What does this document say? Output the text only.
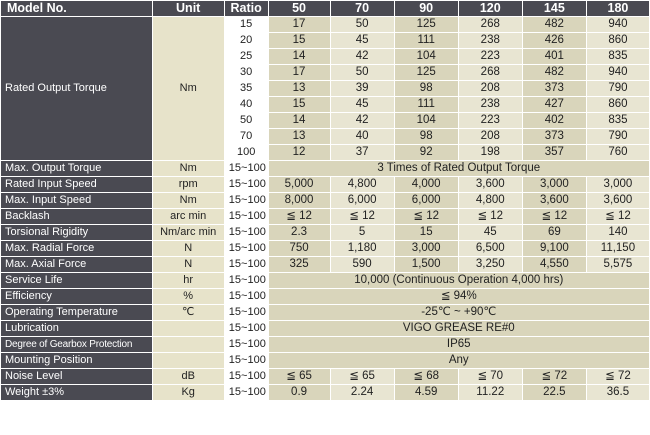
Model No.	Unit	Ratio	50	70	90	120	145	180
Rated Output Torque	Nm	15	17	50	125	268	482	940
		20	15	45	111	238	426	860
		25	14	42	104	223	401	835
		30	17	50	125	268	482	940
		35	13	39	98	208	373	790
		40	15	45	111	238	427	860
		50	14	42	104	223	402	835
		70	13	40	98	208	373	790
		100	12	37	92	198	357	760
Max. Output Torque	Nm	15~100	3 Times of Rated Output Torque					
Rated Input Speed	rpm	15~100	5,000	4,800	4,000	3,600	3,000	3,000
Max. Input Speed	Nm	15~100	8,000	6,000	6,000	4,800	3,600	3,600
Backlash	arc min	15~100	≦ 12	≦ 12	≦ 12	≦ 12	≦ 12	≦ 12
Torsional Rigidity	Nm/arc min	15~100	2.3	5	15	45	69	140
Max. Radial Force	N	15~100	750	1,180	3,000	6,500	9,100	11,150
Max. Axial Force	N	15~100	325	590	1,500	3,250	4,550	5,575
Service Life	hr	15~100	10,000 (Continuous Operation 4,000 hrs)					
Efficiency	%	15~100	≦ 94%					
Operating Temperature	℃	15~100	-25℃ ~ +90℃					
Lubrication		15~100	VIGO GREASE RE#0					
Degree of Gearbox Protection		15~100	IP65					
Mounting Position		15~100	Any					
Noise Level	dB	15~100	≦ 65	≦ 65	≦ 68	≦ 70	≦ 72	≦ 72
Weight ±3%	Kg	15~100	0.9	2.24	4.59	11.22	22.5	36.5
